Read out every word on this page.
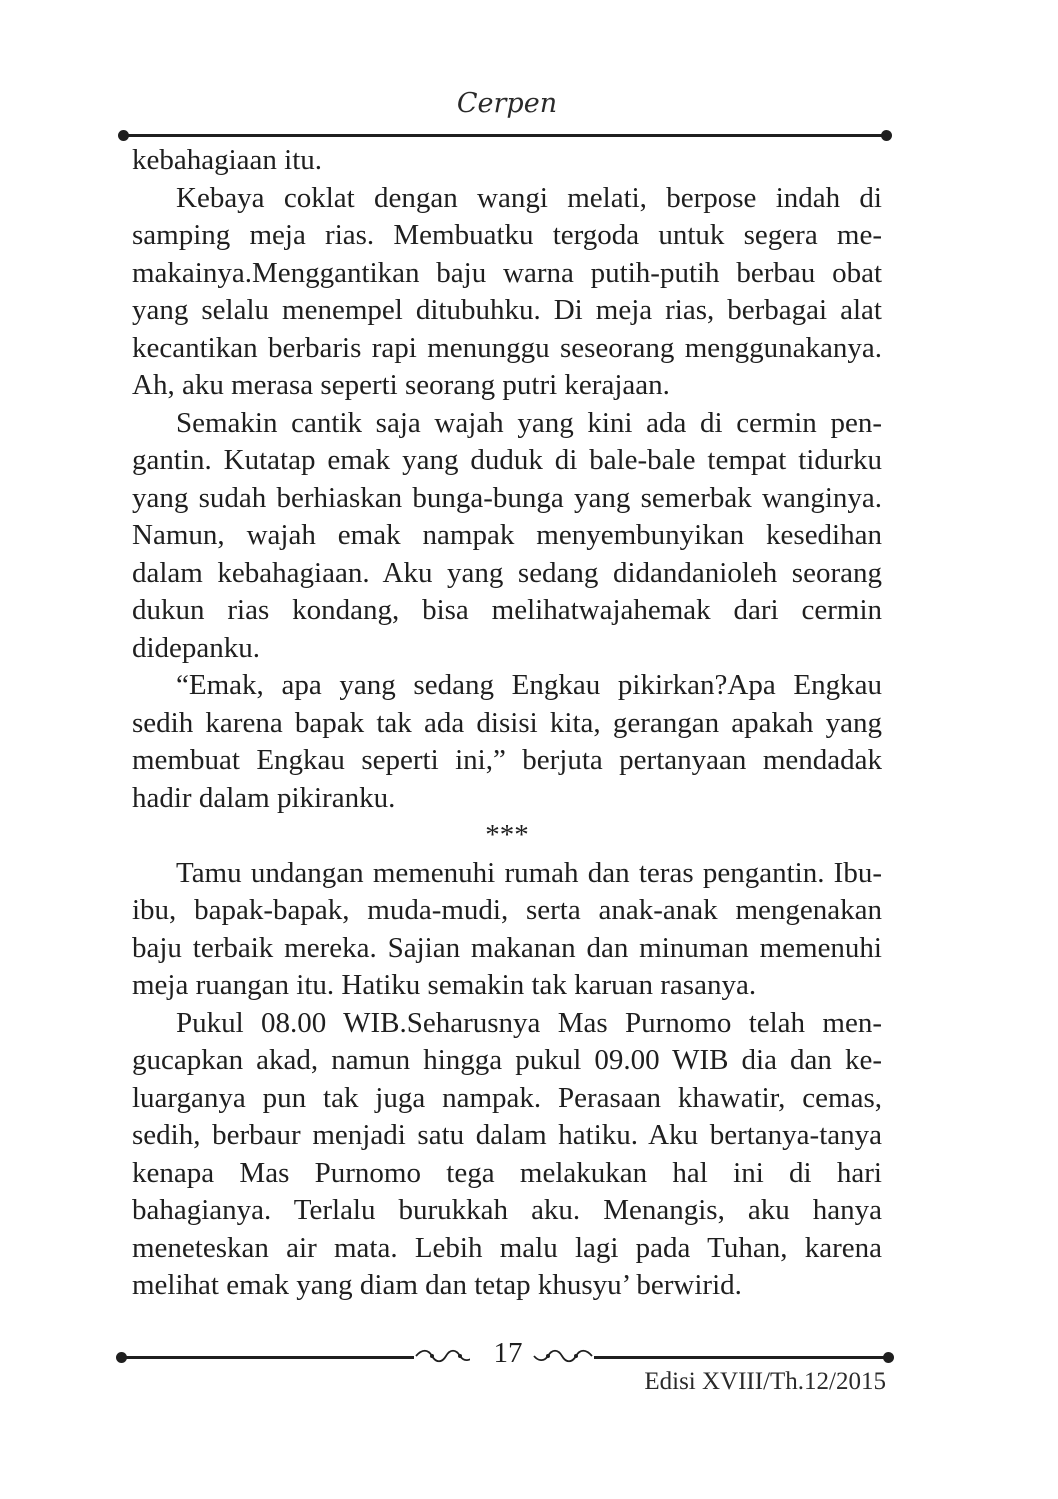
Cerpen

kebahagiaan itu.

Kebaya coklat dengan wangi melati, berpose indah di samping meja rias. Membuatku tergoda untuk segera memakainya.Menggantikan baju warna putih-putih berbau obat yang selalu menempel ditubuhku. Di meja rias, berbagai alat kecantikan berbaris rapi menunggu seseorang menggunakanya. Ah, aku merasa seperti seorang putri kerajaan.

Semakin cantik saja wajah yang kini ada di cermin pengantin. Kutatap emak yang duduk di bale-bale tempat tidurku yang sudah berhiaskan bunga-bunga yang semerbak wanginya. Namun, wajah emak nampak menyembunyikan kesedihan dalam kebahagiaan. Aku yang sedang didandanioleh seorang dukun rias kondang, bisa melihatwajahemak dari cermin didepanku.

“Emak, apa yang sedang Engkau pikirkan?Apa Engkau sedih karena bapak tak ada disisi kita, gerangan apakah yang membuat Engkau seperti ini,” berjuta pertanyaan mendadak hadir dalam pikiranku.

***

Tamu undangan memenuhi rumah dan teras pengantin. Ibu-ibu, bapak-bapak, muda-mudi, serta anak-anak mengenakan baju terbaik mereka. Sajian makanan dan minuman memenuhi meja ruangan itu. Hatiku semakin tak karuan rasanya.

Pukul 08.00 WIB.Seharusnya Mas Purnomo telah mengucapkan akad, namun hingga pukul 09.00 WIB dia dan keluarganya pun tak juga nampak. Perasaan khawatir, cemas, sedih, berbaur menjadi satu dalam hatiku. Aku bertanya-tanya kenapa Mas Purnomo tega melakukan hal ini di hari bahagianya. Terlalu burukkah aku. Menangis, aku hanya meneteskan air mata. Lebih malu lagi pada Tuhan, karena melihat emak yang diam dan tetap khusyu’ berwirid.

17
Edisi XVIII/Th.12/2015
